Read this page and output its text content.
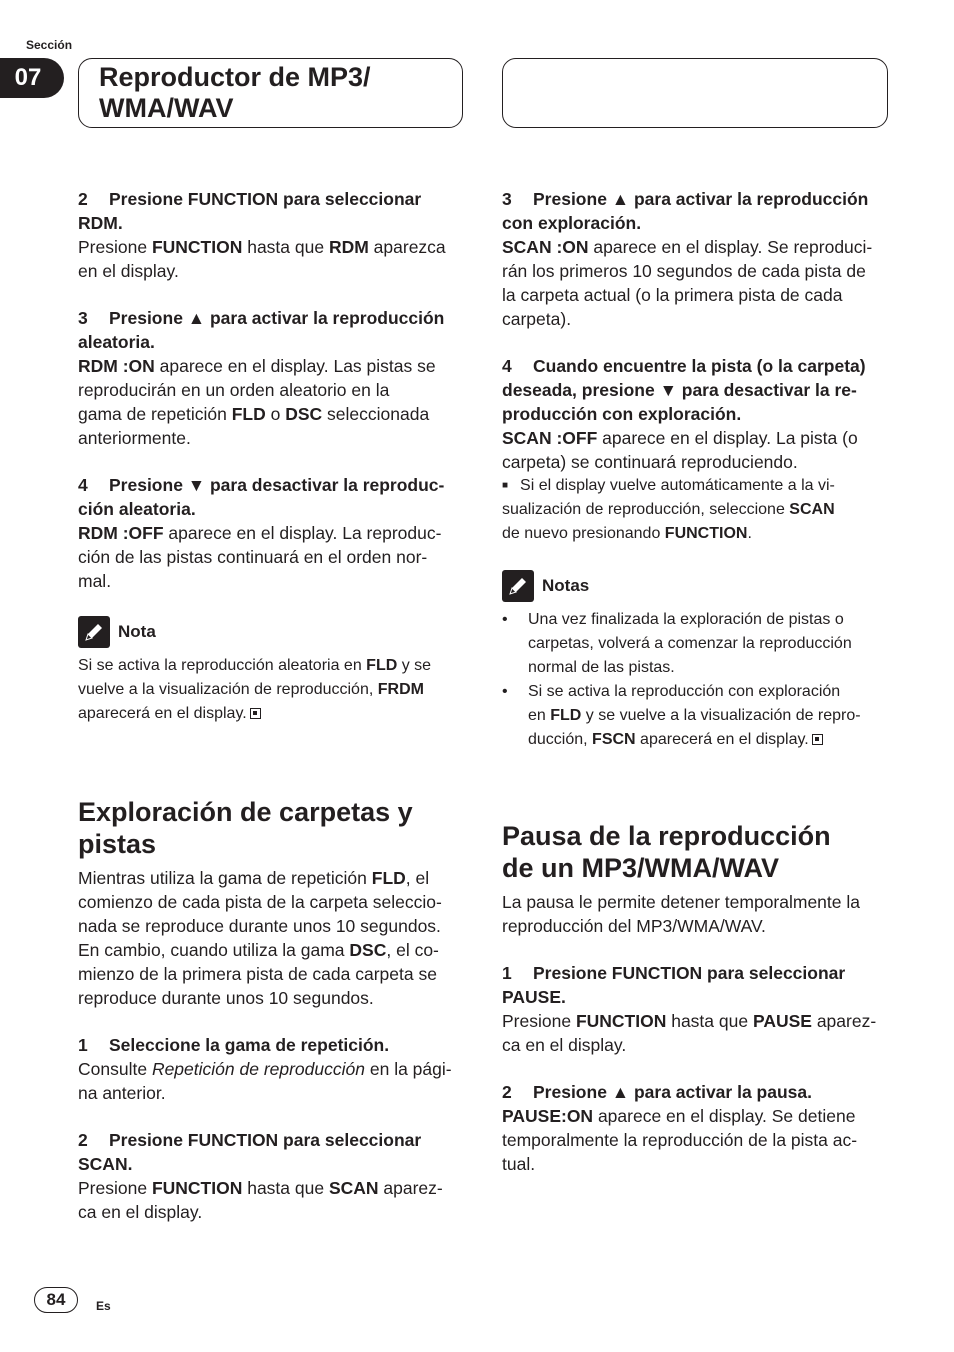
Sección
07	Reproductor de MP3/
WMA/WAV

2 Presione FUNCTION para seleccionar

RDM.

Presione FUNCTION hasta que RDM aparezca
en el display.

3 Presione ▲ para activar la reproducción

aleatoria.

RDM :ON aparece en el display. Las pistas se
reproducirán en un orden aleatorio en la
gama de repetición FLD o DSC seleccionada
anteriormente.

4 Presione ▼ para desactivar la reproduc-

ción aleatoria.

RDM :OFF aparece en el display. La reproduc-
ción de las pistas continuará en el orden nor-
mal.

Nota

Si se activa la reproducción aleatoria en FLD y se
vuelve a la visualización de reproducción, FRDM
aparecerá en el display.

3 Presione ▲ para activar la reproducción

con exploración.

SCAN :ON aparece en el display. Se reproduci-
rán los primeros 10 segundos de cada pista de
la carpeta actual (o la primera pista de cada
carpeta).

4 Cuando encuentre la pista (o la carpeta)

deseada, presione ▼ para desactivar la re-

producción con exploración.

SCAN :OFF aparece en el display. La pista (o
carpeta) se continuará reproduciendo.

■ Si el display vuelve automáticamente a la vi-
sualización de reproducción, seleccione SCAN
de nuevo presionando FUNCTION.

Notas
•	Una vez finalizada la exploración de pistas o
carpetas, volverá a comenzar la reproducción
normal de las pistas.
•	Si se activa la reproducción con exploración
en FLD y se vuelve a la visualización de repro-
ducción, FSCN aparecerá en el display.
Exploración de carpetas y
pistas

Mientras utiliza la gama de repetición FLD, el
comienzo de cada pista de la carpeta seleccio-
nada se reproduce durante unos 10 segundos.
En cambio, cuando utiliza la gama DSC, el co-
mienzo de la primera pista de cada carpeta se
reproduce durante unos 10 segundos.

1 Seleccione la gama de repetición.

Consulte Repetición de reproducción en la pági-
na anterior.

2 Presione FUNCTION para seleccionar

SCAN.

Presione FUNCTION hasta que SCAN aparez-
ca en el display.

Pausa de la reproducción
de un MP3/WMA/WAV

La pausa le permite detener temporalmente la
reproducción del MP3/WMA/WAV.

1 Presione FUNCTION para seleccionar

PAUSE.

Presione FUNCTION hasta que PAUSE aparez-
ca en el display.

2 Presione ▲ para activar la pausa.

PAUSE:ON aparece en el display. Se detiene
temporalmente la reproducción de la pista ac-
tual.

84	Es
